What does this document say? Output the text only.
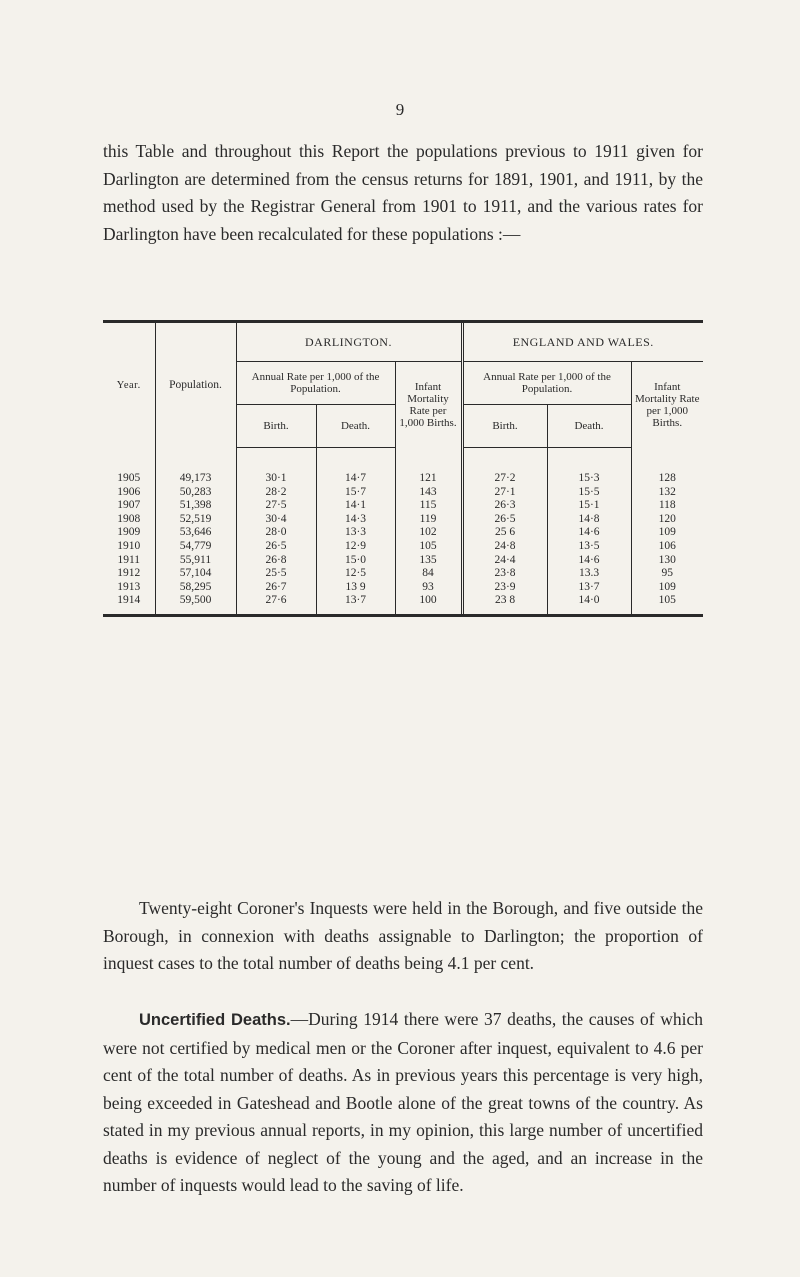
9

this Table and throughout this Report the populations previous to 1911 given for Darlington are determined from the census returns for 1891, 1901, and 1911, by the method used by the Registrar General from 1901 to 1911, and the various rates for Darlington have been recalculated for these populations :—

Year.	Population.	DARLINGTON.			ENGLAND AND WALES.		
		Annual Rate per 1,000 of the Population.		Infant Mortality Rate per 1,000 Births.	Annual Rate per 1,000 of the Population.		Infant Mortality Rate per 1,000 Births.
		Birth.	Death.		Birth.	Death.	

1905	49,173	30·1	14·7	121	27·2	15·3	128
1906	50,283	28·2	15·7	143	27·1	15·5	132
1907	51,398	27·5	14·1	115	26·3	15·1	118
1908	52,519	30·4	14·3	119	26·5	14·8	120
1909	53,646	28·0	13·3	102	25 6	14·6	109
1910	54,779	26·5	12·9	105	24·8	13·5	106
1911	55,911	26·8	15·0	135	24·4	14·6	130
1912	57,104	25·5	12·5	84	23·8	13.3	95
1913	58,295	26·7	13 9	93	23·9	13·7	109
1914	59,500	27·6	13·7	100	23 8	14·0	105

Twenty-eight Coroner's Inquests were held in the Borough, and five outside the Borough, in connexion with deaths assignable to Darlington; the proportion of inquest cases to the total number of deaths being 4.1 per cent.

Uncertified Deaths.—During 1914 there were 37 deaths, the causes of which were not certified by medical men or the Coroner after inquest, equivalent to 4.6 per cent of the total number of deaths. As in previous years this percentage is very high, being exceeded in Gateshead and Bootle alone of the great towns of the country. As stated in my previous annual reports, in my opinion, this large number of uncertified deaths is evidence of neglect of the young and the aged, and an increase in the number of inquests would lead to the saving of life.
